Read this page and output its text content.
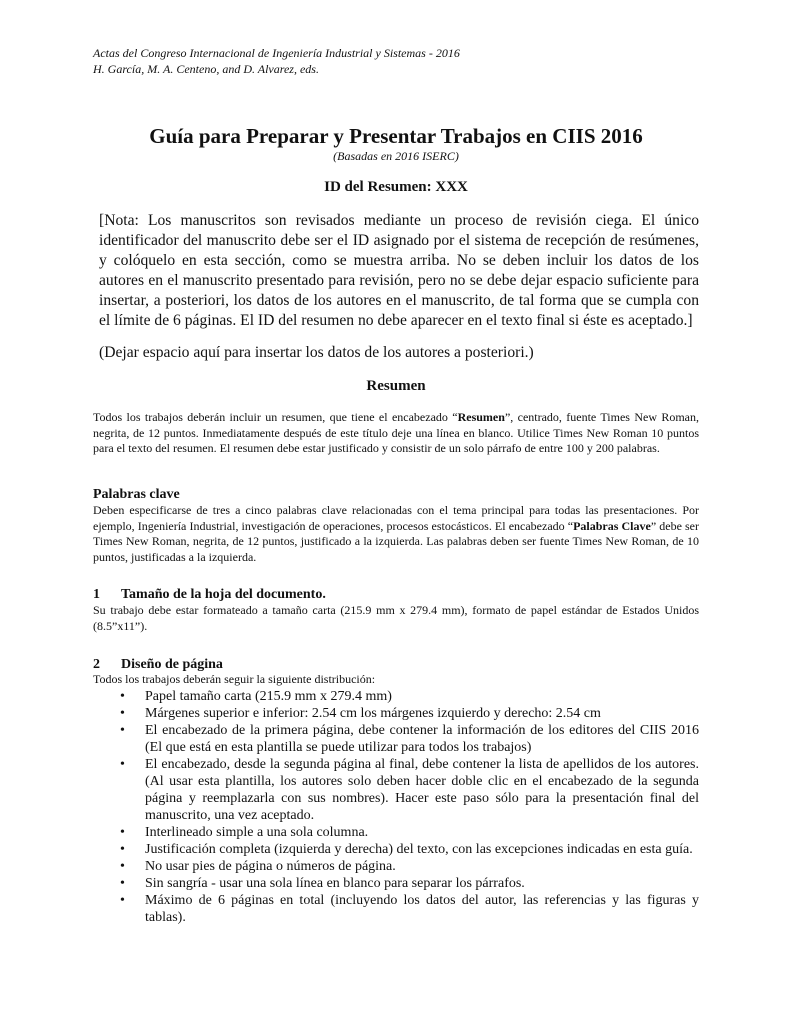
Actas del Congreso Internacional de Ingeniería Industrial y Sistemas - 2016
H. García, M. A. Centeno, and D. Alvarez, eds.
Guía para Preparar y Presentar Trabajos en CIIS 2016

(Basadas en 2016 ISERC)

ID del Resumen: XXX

[Nota: Los manuscritos son revisados mediante un proceso de revisión ciega. El único identificador del manuscrito debe ser el ID asignado por el sistema de recepción de resúmenes, y colóquelo en esta sección, como se muestra arriba. No se deben incluir los datos de los autores en el manuscrito presentado para revisión, pero no se debe dejar espacio suficiente para insertar, a posteriori, los datos de los autores en el manuscrito, de tal forma que se cumpla con el límite de 6 páginas. El ID del resumen no debe aparecer en el texto final si éste es aceptado.]

(Dejar espacio aquí para insertar los datos de los autores a posteriori.)

Resumen

Todos los trabajos deberán incluir un resumen, que tiene el encabezado “Resumen”, centrado, fuente Times New Roman, negrita, de 12 puntos. Inmediatamente después de este título deje una línea en blanco. Utilice Times New Roman 10 puntos para el texto del resumen. El resumen debe estar justificado y consistir de un solo párrafo de entre 100 y 200 palabras.

Palabras clave

Deben especificarse de tres a cinco palabras clave relacionadas con el tema principal para todas las presentaciones. Por ejemplo, Ingeniería Industrial, investigación de operaciones, procesos estocásticos. El encabezado “Palabras Clave” debe ser Times New Roman, negrita, de 12 puntos, justificado a la izquierda. Las palabras deben ser fuente Times New Roman, de 10 puntos, justificadas a la izquierda.

1 Tamaño de la hoja del documento.

Su trabajo debe estar formateado a tamaño carta (215.9 mm x 279.4 mm), formato de papel estándar de Estados Unidos (8.5”x11”).

2 Diseño de página

Todos los trabajos deberán seguir la siguiente distribución:

• Papel tamaño carta (215.9 mm x 279.4 mm)
• Márgenes superior e inferior: 2.54 cm los márgenes izquierdo y derecho: 2.54 cm
• El encabezado de la primera página, debe contener la información de los editores del CIIS 2016 (El que está en esta plantilla se puede utilizar para todos los trabajos)
• El encabezado, desde la segunda página al final, debe contener la lista de apellidos de los autores. (Al usar esta plantilla, los autores solo deben hacer doble clic en el encabezado de la segunda página y reemplazarla con sus nombres). Hacer este paso sólo para la presentación final del manuscrito, una vez aceptado.
• Interlineado simple a una sola columna.
• Justificación completa (izquierda y derecha) del texto, con las excepciones indicadas en esta guía.
• No usar pies de página o números de página.
• Sin sangría - usar una sola línea en blanco para separar los párrafos.
• Máximo de 6 páginas en total (incluyendo los datos del autor, las referencias y las figuras y tablas).
